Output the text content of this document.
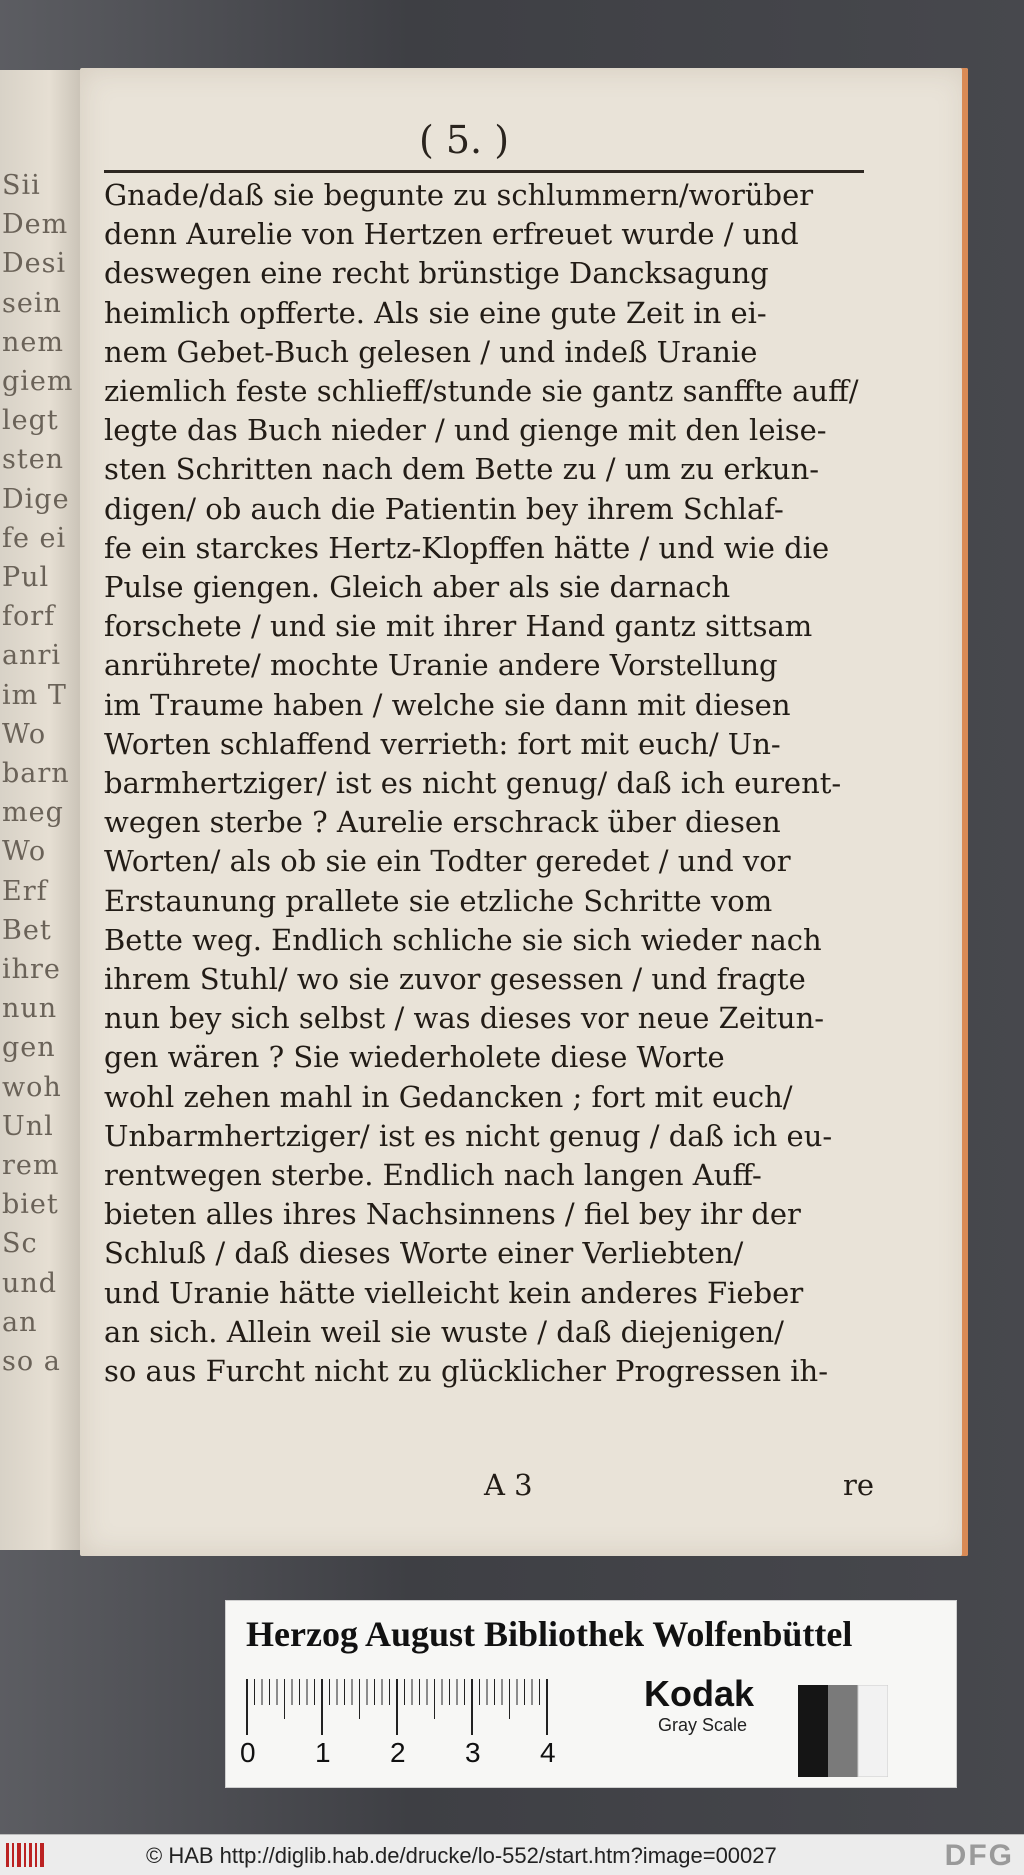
Sii
Dem
Desi
sein
nem
giem
legt
sten
Dige
fe ei
Pul
forf
anri
im T
Wo
barn
meg
Wo
Erf
Bet
ihre
nun
gen
woh
Unl
rem
biet
Sc
und
an
so a
( 5. )
Gnade/daß sie begunte zu schlummern/worüber
denn Aurelie von Hertzen erfreuet wurde / und
deswegen eine recht brünstige Dancksagung
heimlich opfferte. Als sie eine gute Zeit in ei-
nem Gebet-Buch gelesen / und indeß Uranie
ziemlich feste schlieff/stunde sie gantz sanffte auff/
legte das Buch nieder / und gienge mit den leise-
sten Schritten nach dem Bette zu / um zu erkun-
digen/ ob auch die Patientin bey ihrem Schlaf-
fe ein starckes Hertz-Klopffen hätte / und wie die
Pulse giengen. Gleich aber als sie darnach
forschete / und sie mit ihrer Hand gantz sittsam
anrührete/ mochte Uranie andere Vorstellung
im Traume haben / welche sie dann mit diesen
Worten schlaffend verrieth: fort mit euch/ Un-
barmhertziger/ ist es nicht genug/ daß ich eurent-
wegen sterbe ? Aurelie erschrack über diesen
Worten/ als ob sie ein Todter geredet / und vor
Erstaunung prallete sie etzliche Schritte vom
Bette weg. Endlich schliche sie sich wieder nach
ihrem Stuhl/ wo sie zuvor gesessen / und fragte
nun bey sich selbst / was dieses vor neue Zeitun-
gen wären ? Sie wiederholete diese Worte
wohl zehen mahl in Gedancken ; fort mit euch/
Unbarmhertziger/ ist es nicht genug / daß ich eu-
rentwegen sterbe. Endlich nach langen Auff-
bieten alles ihres Nachsinnens / fiel bey ihr der
Schluß / daß dieses Worte einer Verliebten/
und Uranie hätte vielleicht kein anderes Fieber
an sich. Allein weil sie wuste / daß diejenigen/
so aus Furcht nicht zu glücklicher Progressen ih-
A 3	re
Herzog August Bibliothek Wolfenbüttel
0 1 2 3 4
Kodak
Gray Scale
© HAB http://diglib.hab.de/drucke/lo-552/start.htm?image=00027	DFG
